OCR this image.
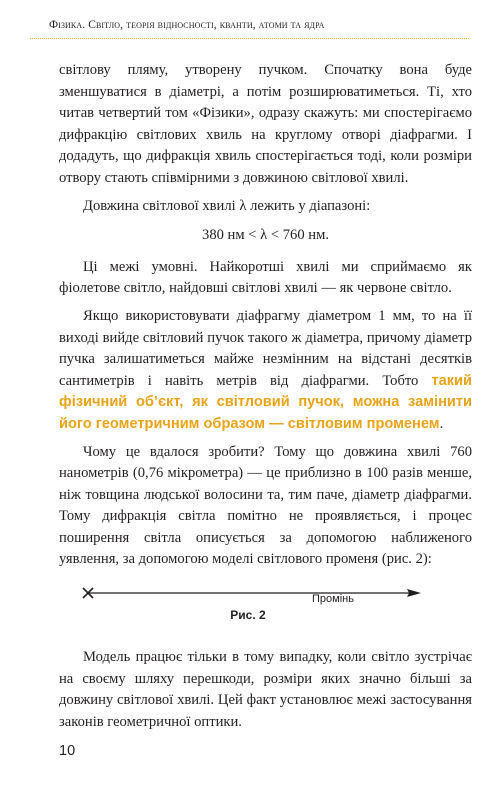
Фізика. Світло, теорія відносності, кванти, атоми та ядра

світлову пляму, утворену пучком. Спочатку вона буде зменшуватися в діаметрі, а потім розширюватиметься. Ті, хто читав четвертий том «Фізики», одразу скажуть: ми спостерігаємо дифракцію світлових хвиль на круглому отворі діафрагми. І додадуть, що дифракція хвиль спостерігається тоді, коли розміри отвору стають співмірними з довжиною світлової хвилі.

Довжина світлової хвилі λ лежить у діапазоні:

380 нм < λ < 760 нм.

Ці межі умовні. Найкоротші хвилі ми сприймаємо як фіолетове світло, найдовші світлові хвилі — як червоне світло.

Якщо використовувати діафрагму діаметром 1 мм, то на її виході вийде світловий пучок такого ж діаметра, причому діаметр пучка залишатиметься майже незмінним на відстані десятків сантиметрів і навіть метрів від діафрагми. Тобто такий фізичний об’єкт, як світловий пучок, можна замінити його геометричним образом — світловим променем.

Чому це вдалося зробити? Тому що довжина хвилі 760 нанометрів (0,76 мікрометра) — це приблизно в 100 разів менше, ніж товщина людської волосини та, тим паче, діаметр діафрагми. Тому дифракція світла помітно не проявляється, і процес поширення світла описується за допомогою наближеного уявлення, за допомогою моделі світлового променя (рис. 2):

Промінь
Рис. 2

Модель працює тільки в тому випадку, коли світло зустрічає на своєму шляху перешкоди, розміри яких значно більші за довжину світлової хвилі. Цей факт установлює межі застосування законів геометричної оптики.

10
